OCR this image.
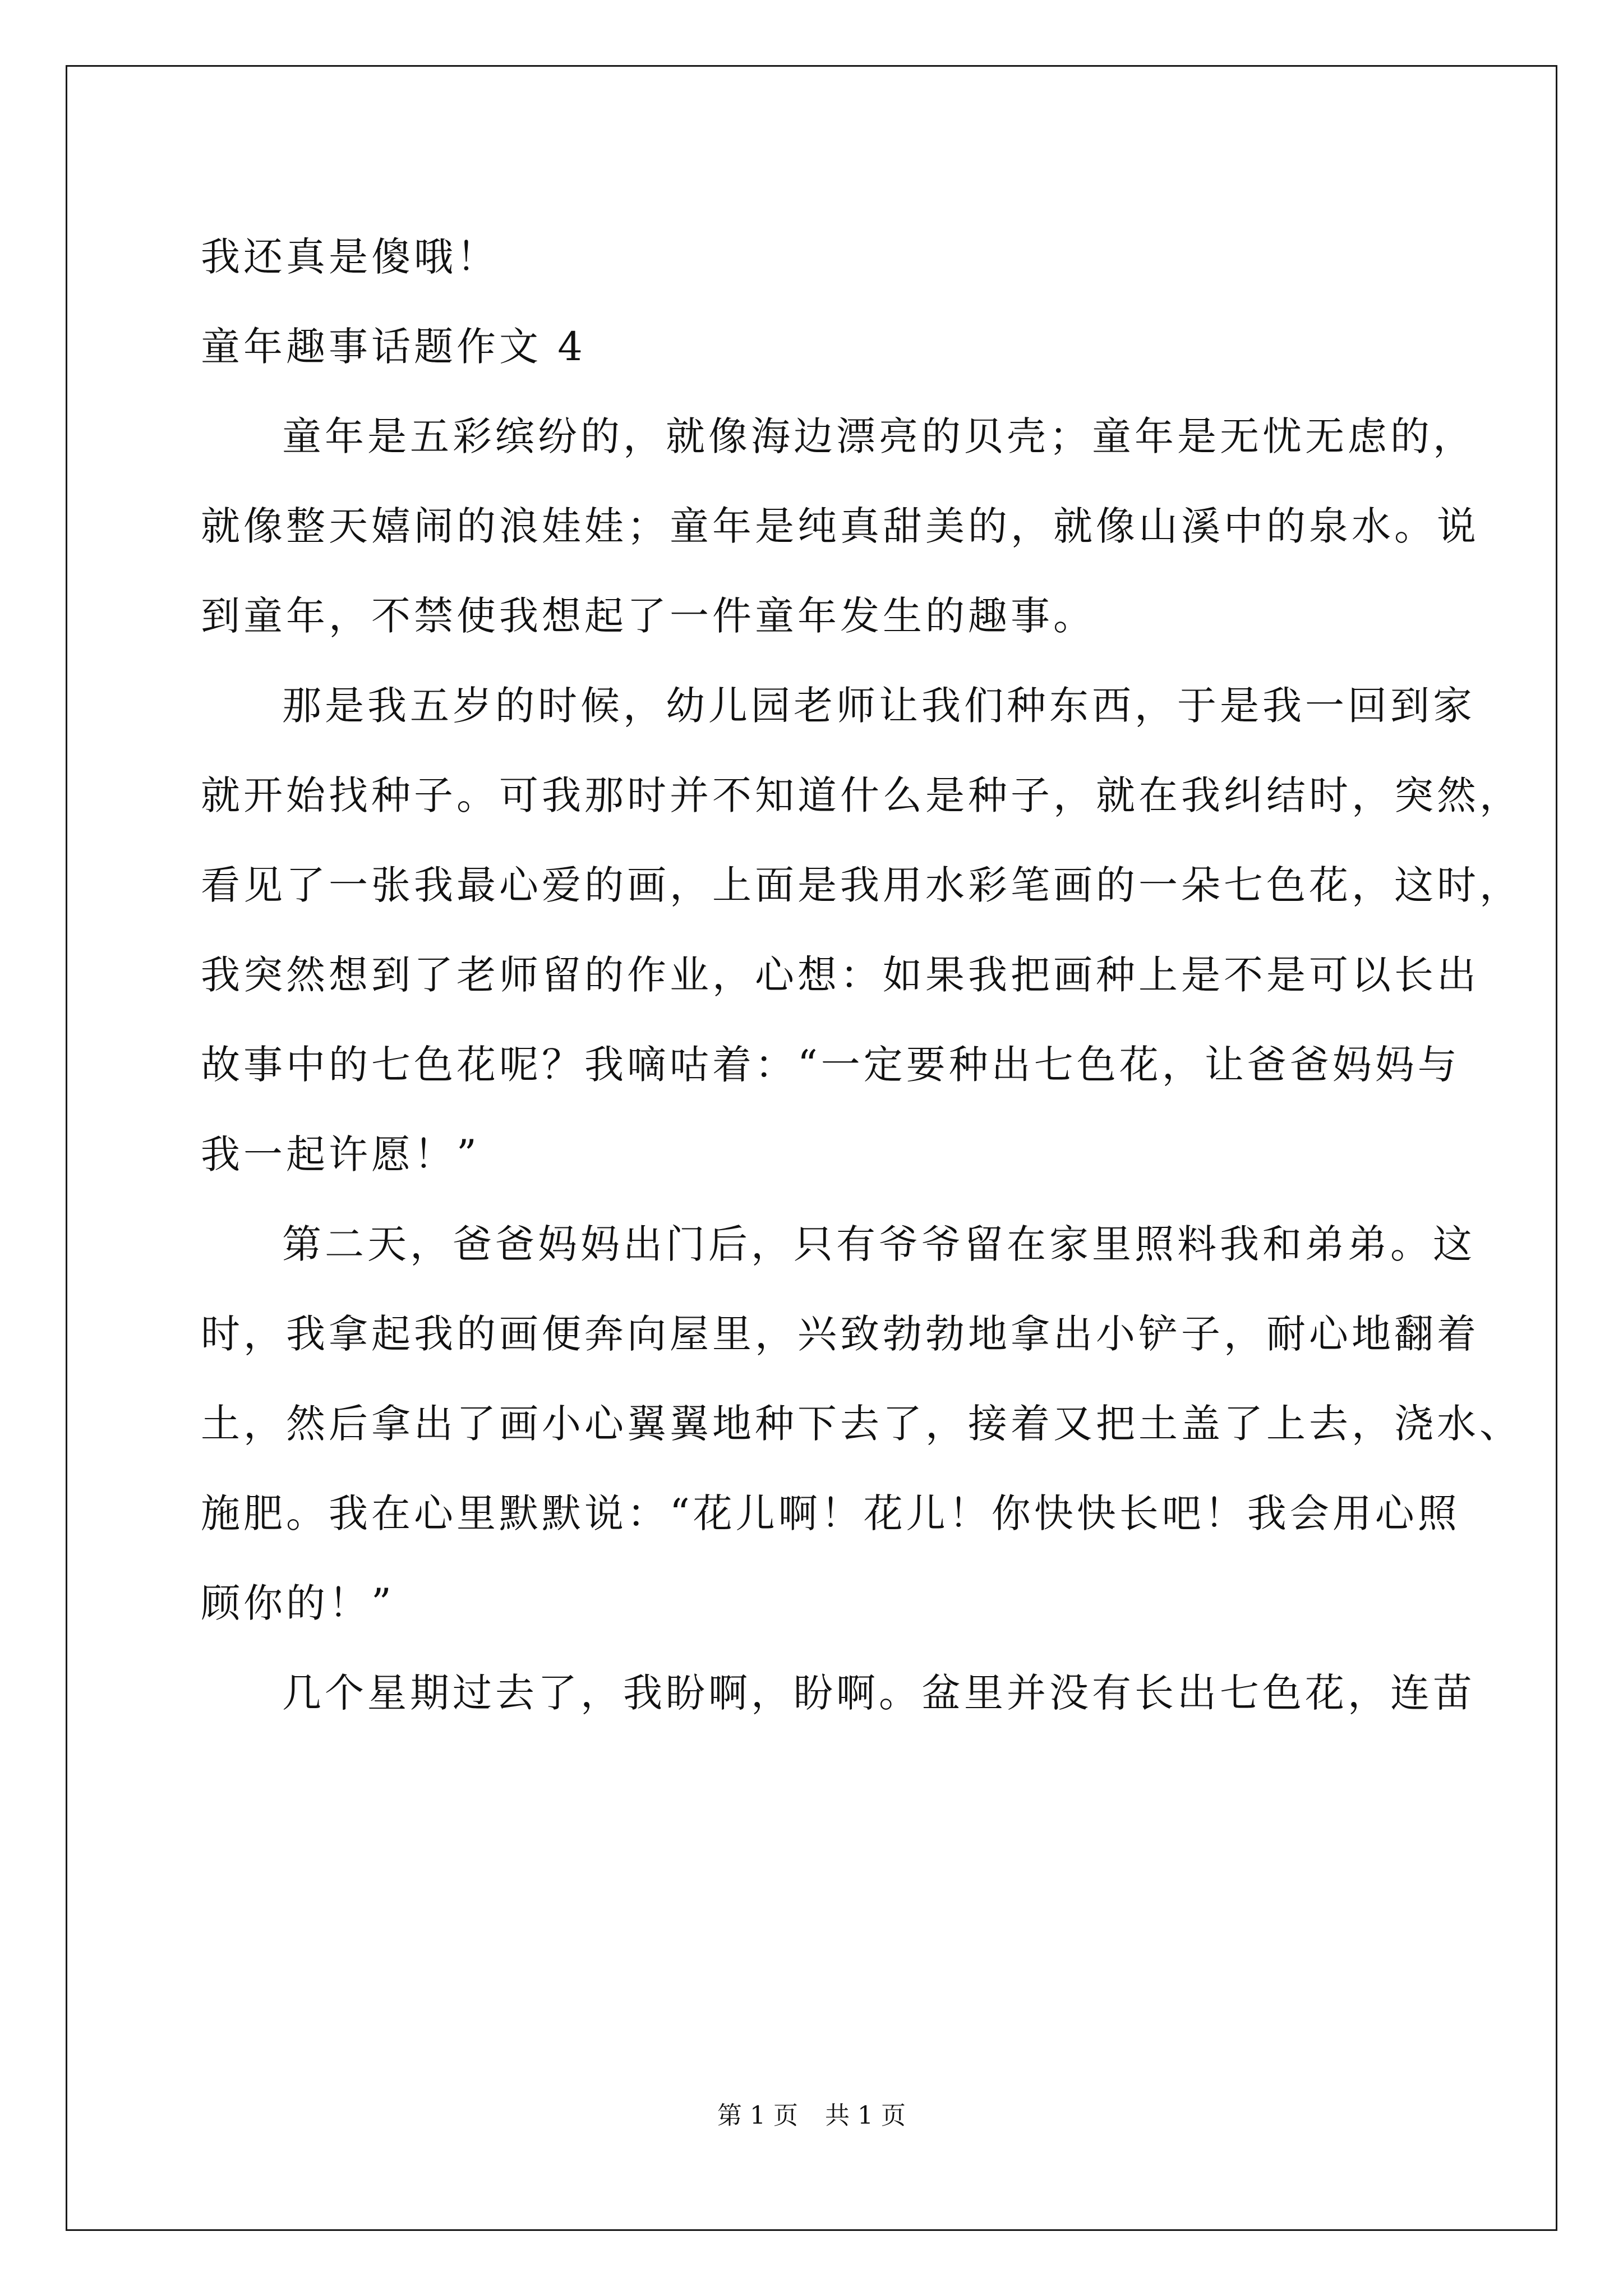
我还真是傻哦！
童年趣事话题作文 4
童年是五彩缤纷的，就像海边漂亮的贝壳；童年是无忧无虑的，
就像整天嬉闹的浪娃娃；童年是纯真甜美的，就像山溪中的泉水。说
到童年，不禁使我想起了一件童年发生的趣事。
那是我五岁的时候，幼儿园老师让我们种东西，于是我一回到家
就开始找种子。可我那时并不知道什么是种子，就在我纠结时，突然，
看见了一张我最心爱的画，上面是我用水彩笔画的一朵七色花，这时，
我突然想到了老师留的作业，心想：如果我把画种上是不是可以长出
故事中的七色花呢？我嘀咕着：“一定要种出七色花，让爸爸妈妈与
我一起许愿！”
第二天，爸爸妈妈出门后，只有爷爷留在家里照料我和弟弟。这
时，我拿起我的画便奔向屋里，兴致勃勃地拿出小铲子，耐心地翻着
土，然后拿出了画小心翼翼地种下去了，接着又把土盖了上去，浇水、
施肥。我在心里默默说：“花儿啊！花儿！你快快长吧！我会用心照
顾你的！”
几个星期过去了，我盼啊，盼啊。盆里并没有长出七色花，连苗
第 1 页 共 1 页
